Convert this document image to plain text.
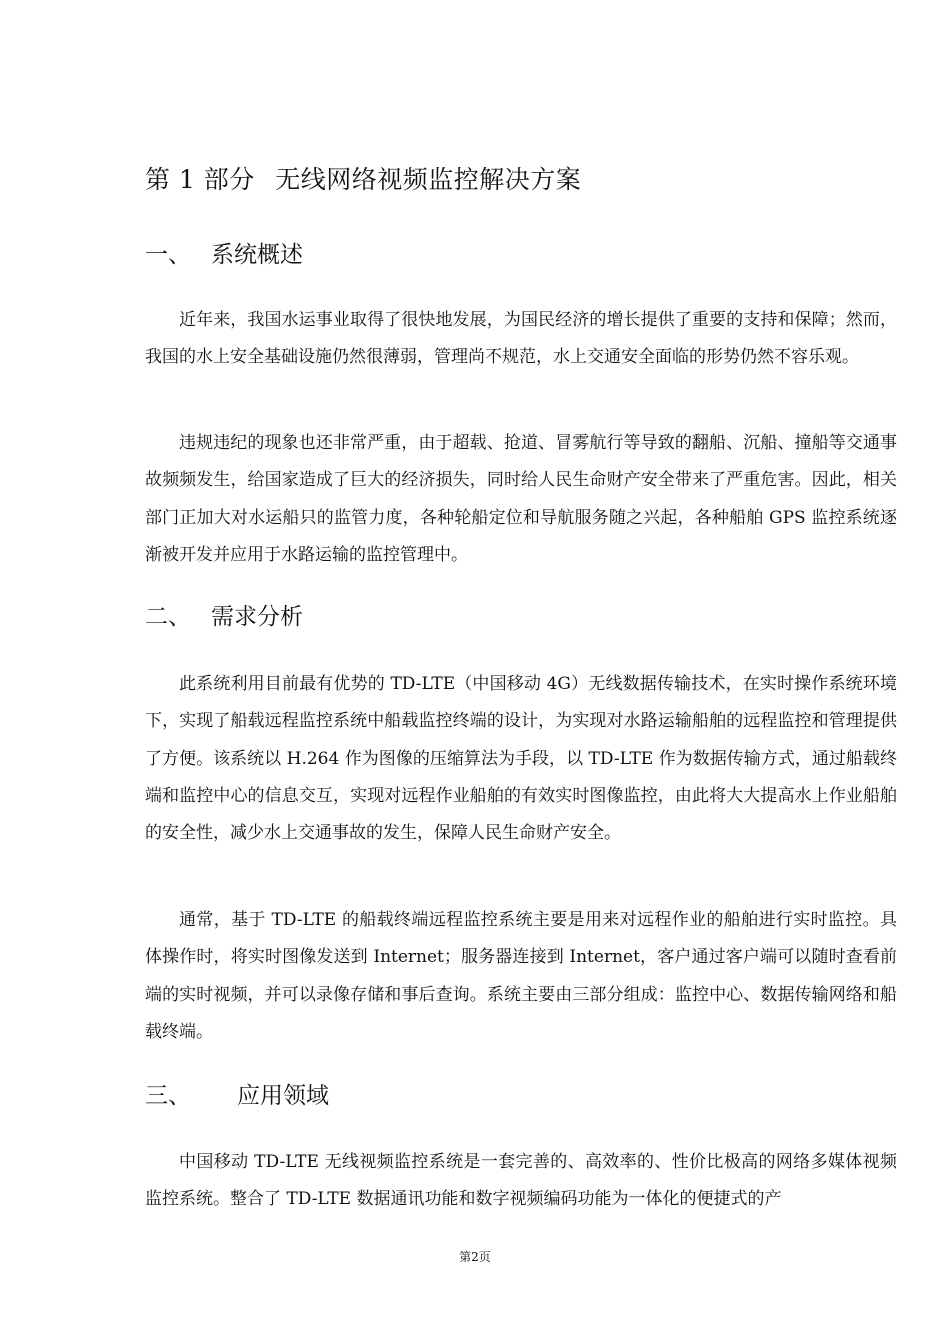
第 1 部分 无线网络视频监控解决方案
一、 系统概述

近年来，我国水运事业取得了很快地发展，为国民经济的增长提供了重要的支持和保障；然而，我国的水上安全基础设施仍然很薄弱，管理尚不规范，水上交通安全面临的形势仍然不容乐观。

违规违纪的现象也还非常严重，由于超载、抢道、冒雾航行等导致的翻船、沉船、撞船等交通事故频频发生，给国家造成了巨大的经济损失，同时给人民生命财产安全带来了严重危害。因此，相关部门正加大对水运船只的监管力度，各种轮船定位和导航服务随之兴起，各种船舶 GPS 监控系统逐渐被开发并应用于水路运输的监控管理中。

二、 需求分析

此系统利用目前最有优势的 TD-LTE（中国移动 4G）无线数据传输技术，在实时操作系统环境下，实现了船载远程监控系统中船载监控终端的设计，为实现对水路运输船舶的远程监控和管理提供了方便。该系统以 H.264 作为图像的压缩算法为手段，以 TD-LTE 作为数据传输方式，通过船载终端和监控中心的信息交互，实现对远程作业船舶的有效实时图像监控，由此将大大提高水上作业船舶的安全性，减少水上交通事故的发生，保障人民生命财产安全。

通常，基于 TD-LTE 的船载终端远程监控系统主要是用来对远程作业的船舶进行实时监控。具体操作时，将实时图像发送到 Internet；服务器连接到 Internet，客户通过客户端可以随时查看前端的实时视频，并可以录像存储和事后查询。系统主要由三部分组成：监控中心、数据传输网络和船载终端。

三、 应用领域

中国移动 TD-LTE 无线视频监控系统是一套完善的、高效率的、性价比极高的网络多媒体视频监控系统。整合了 TD-LTE 数据通讯功能和数字视频编码功能为一体化的便捷式的产

第2页
